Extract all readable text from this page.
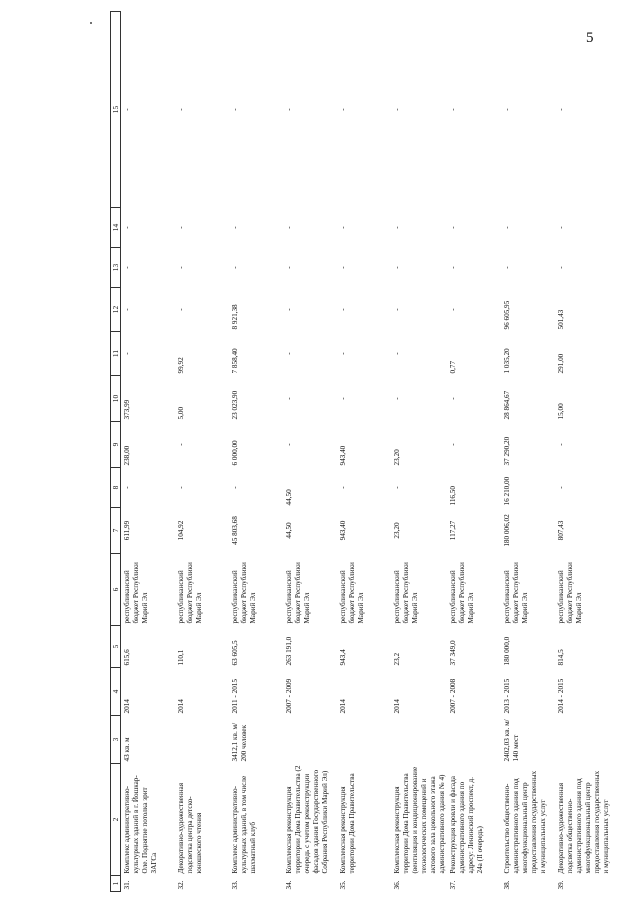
5
1	2	3	4	5	6	7	8	9	10	11	12	13	14	15
31.	Комплекс административно-культурных зданий в г. Йошкар-Оле. Поднятие потолка зрит ЗАГСа	43 кв. м	2014	615,6	республиканский бюджет Республики Марий Эл	611,99	-	238,00	373,99	-	-	-	-	-
32.	Декоративно-художественная подсветка центра детско-юношеского чтения		2014	110,1	республиканский бюджет Республики Марий Эл	104,92	-	-	5,00	99,92	-	-	-	-
33.	Комплекс административно-культурных зданий, в том числе шахматный клуб	3412,1 кв. м/ 200 человек	2011 - 2015	63 605,5	республиканский бюджет Республики Марий Эл	45 803,68	-	6 000,00	23 023,90	7 858,40	8 921,38	-	-	-
34.	Комплексная реконструкция территории Дома Правительства (2 очередь с учетом реконструкции фасадов здания Государственного Собрания Республики Марий Эл)		2007 - 2009	263 191,0	республиканский бюджет Республики Марий Эл	44,50	44,50	-	-	-	-	-	-	-
35.	Комплексная реконструкция территории Дома Правительства		2014	943,4	республиканский бюджет Республики Марий Эл	943,40	-	943,40	-	-	-	-	-	-
36.	Комплексная реконструкция территории Дома Правительства (вентиляция и кондиционирование технологических помещений и актового зала цокольного этажа административного здания № 4)		2014	23,2	республиканский бюджет Республики Марий Эл	23,20	-	23,20	-	-	-	-	-	-
37.	Реконструкция кровли и фасада административного здания по адресу: Ленинский проспект, д. 24а (II очередь)		2007 - 2008	37 349,0	республиканский бюджет Республики Марий Эл	117,27	116,50	-	-	0,77	-	-	-	-
38.	Строительство общественно-административного здания под многофункциональный центр предоставления государственных и муниципальных услуг	2402,03 кв. м/ 140 мест	2013 - 2015	180 000,0	республиканский бюджет Республики Марий Эл	180 006,02	16 210,00	37 290,20	28 864,67	1 035,20	96 605,95	-	-	-
39.	Декоративно-художественная подсветка общественно-административного здания под многофункциональный центр предоставления государственных и муниципальных услуг		2014 - 2015	814,5	республиканский бюджет Республики Марий Эл	807,43	-	-	15,00	291,00	501,43	-	-	-
